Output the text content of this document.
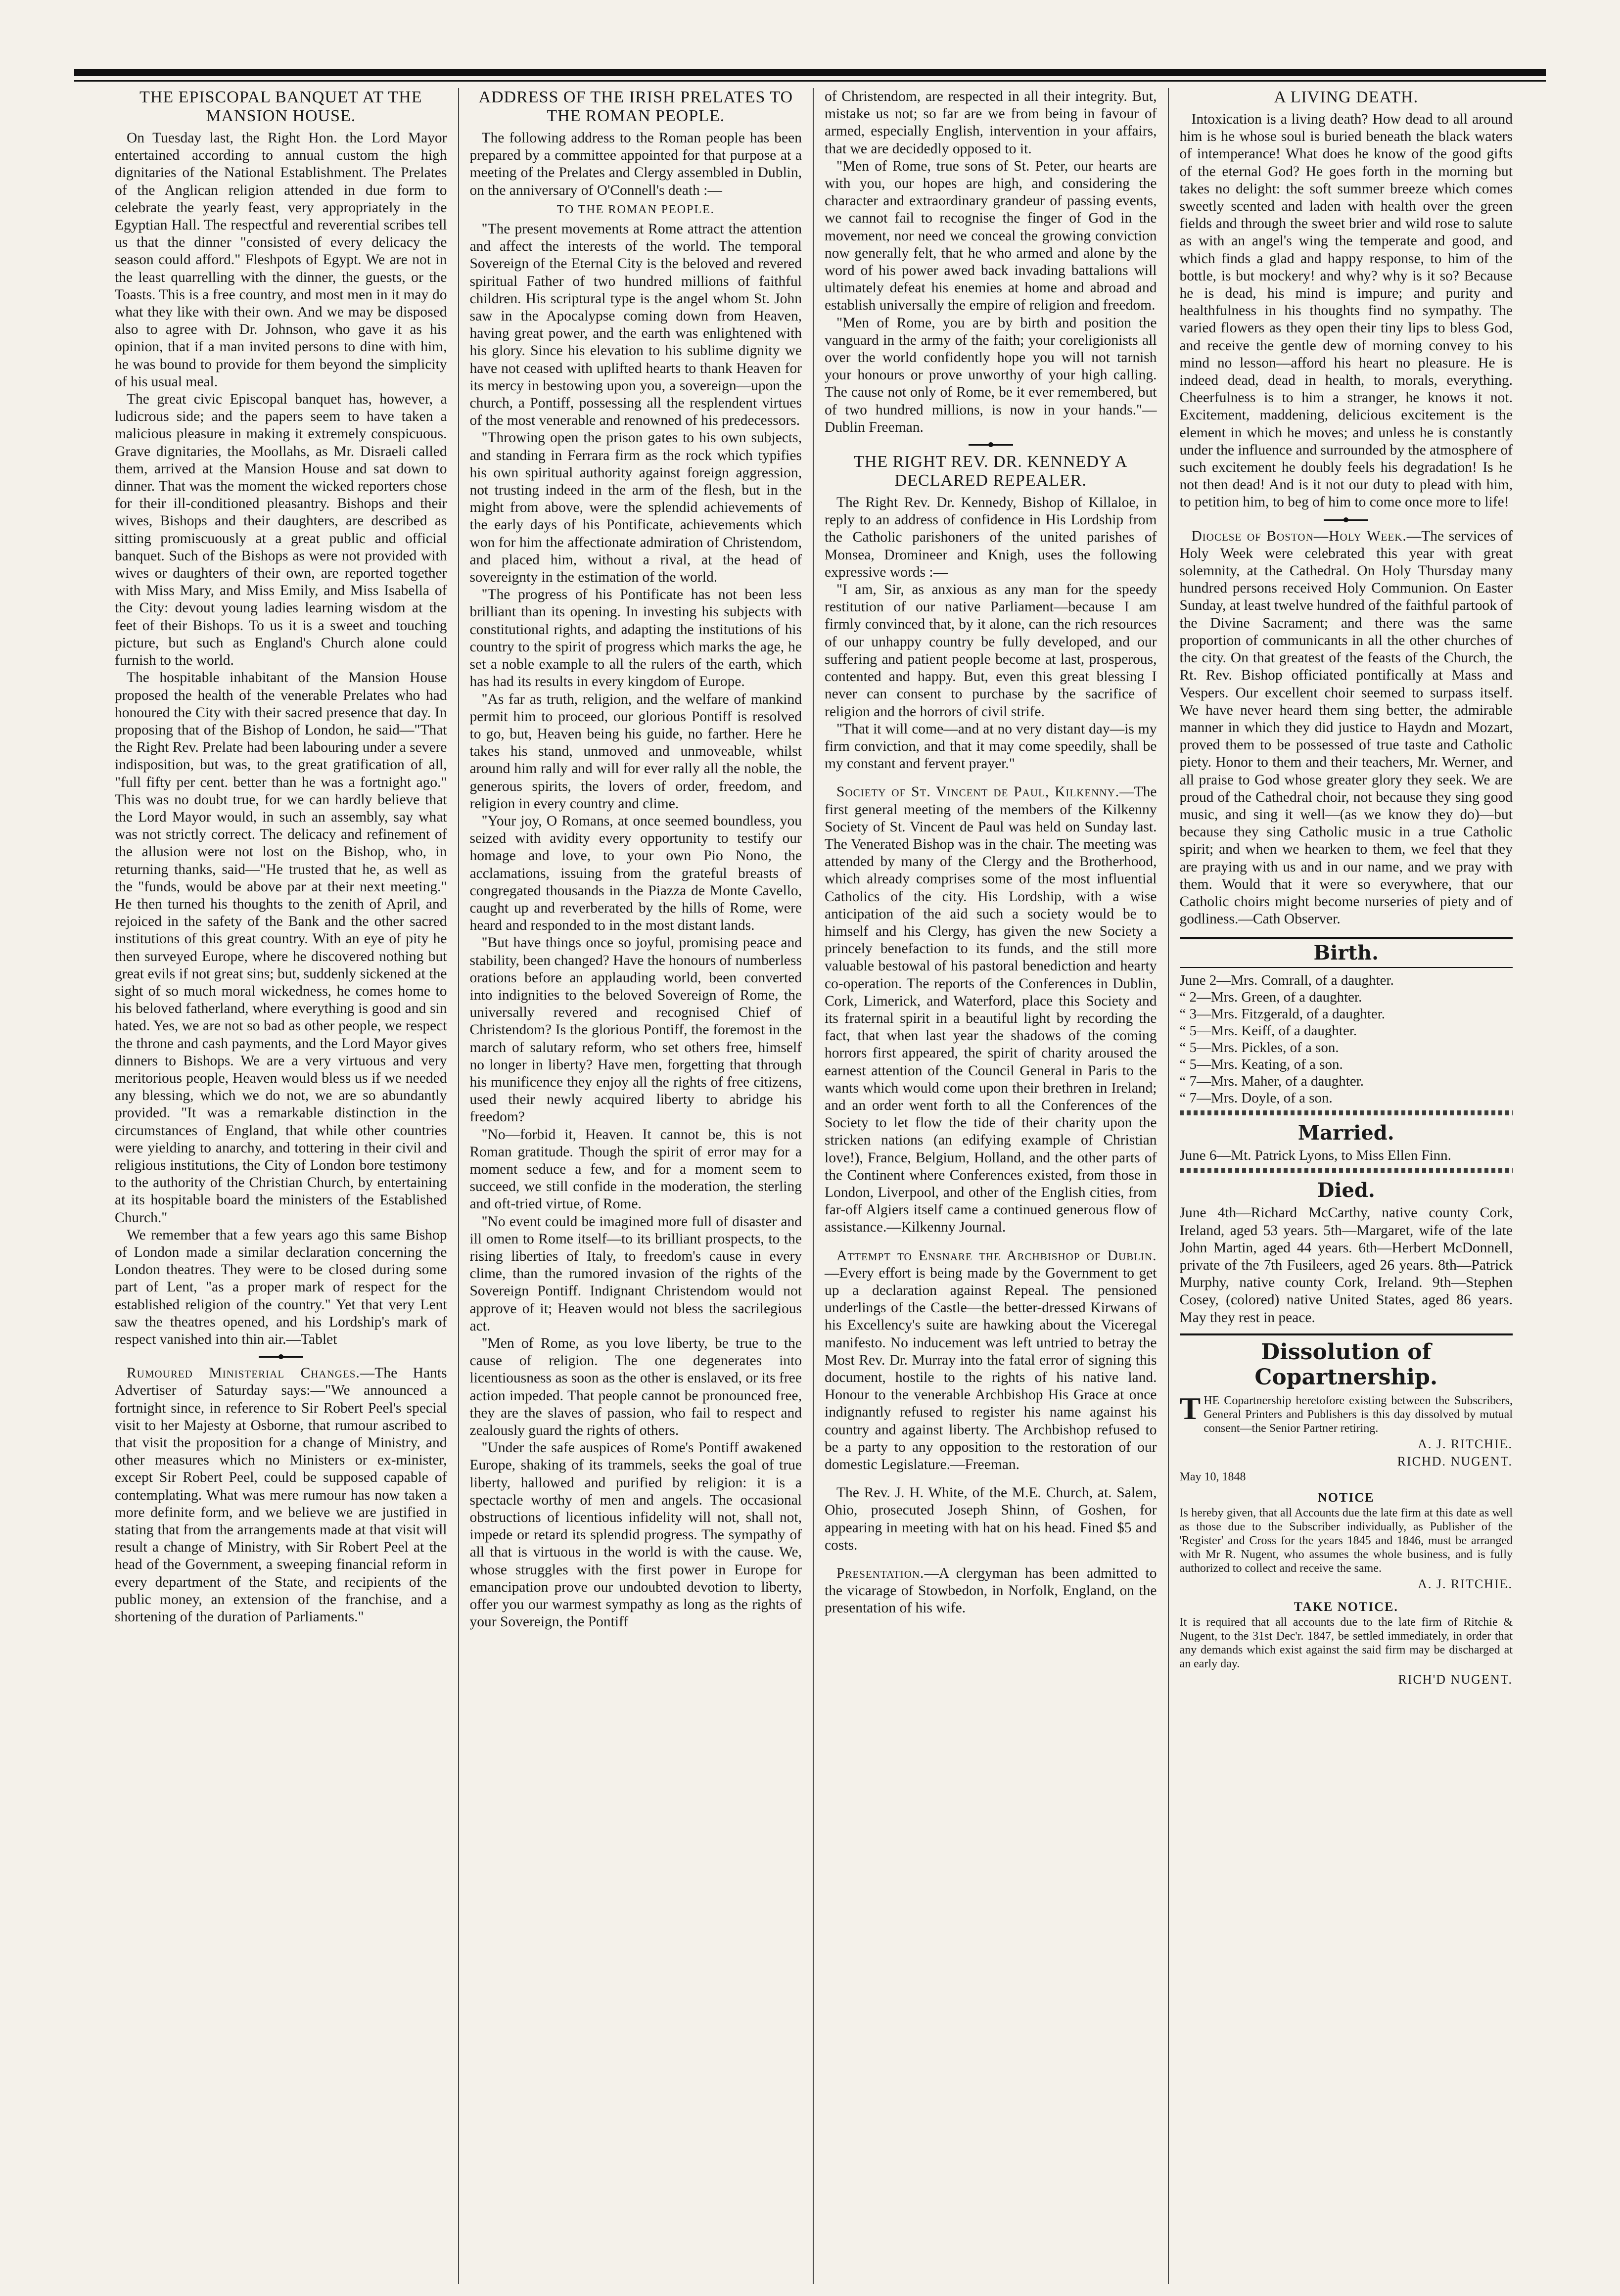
THE EPISCOPAL BANQUET AT THE MANSION HOUSE.

On Tuesday last, the Right Hon. the Lord Mayor entertained according to annual custom the high dignitaries of the National Establishment. The Prelates of the Anglican religion attended in due form to celebrate the yearly feast, very appropriately in the Egyptian Hall. The respectful and reverential scribes tell us that the dinner "consisted of every delicacy the season could afford." Fleshpots of Egypt. We are not in the least quarrelling with the dinner, the guests, or the Toasts. This is a free country, and most men in it may do what they like with their own. And we may be disposed also to agree with Dr. Johnson, who gave it as his opinion, that if a man invited persons to dine with him, he was bound to provide for them beyond the simplicity of his usual meal.

The great civic Episcopal banquet has, however, a ludicrous side; and the papers seem to have taken a malicious pleasure in making it extremely conspicuous. Grave dignitaries, the Moollahs, as Mr. Disraeli called them, arrived at the Mansion House and sat down to dinner. That was the moment the wicked reporters chose for their ill-conditioned pleasantry. Bishops and their wives, Bishops and their daughters, are described as sitting promiscuously at a great public and official banquet. Such of the Bishops as were not provided with wives or daughters of their own, are reported together with Miss Mary, and Miss Emily, and Miss Isabella of the City: devout young ladies learning wisdom at the feet of their Bishops. To us it is a sweet and touching picture, but such as England's Church alone could furnish to the world.

The hospitable inhabitant of the Mansion House proposed the health of the venerable Prelates who had honoured the City with their sacred presence that day. In proposing that of the Bishop of London, he said—"That the Right Rev. Prelate had been labouring under a severe indisposition, but was, to the great gratification of all, "full fifty per cent. better than he was a fortnight ago." This was no doubt true, for we can hardly believe that the Lord Mayor would, in such an assembly, say what was not strictly correct. The delicacy and refinement of the allusion were not lost on the Bishop, who, in returning thanks, said—"He trusted that he, as well as the "funds, would be above par at their next meeting." He then turned his thoughts to the zenith of April, and rejoiced in the safety of the Bank and the other sacred institutions of this great country. With an eye of pity he then surveyed Europe, where he discovered nothing but great evils if not great sins; but, suddenly sickened at the sight of so much moral wickedness, he comes home to his beloved fatherland, where everything is good and sin hated. Yes, we are not so bad as other people, we respect the throne and cash payments, and the Lord Mayor gives dinners to Bishops. We are a very virtuous and very meritorious people, Heaven would bless us if we needed any blessing, which we do not, we are so abundantly provided. "It was a remarkable distinction in the circumstances of England, that while other countries were yielding to anarchy, and tottering in their civil and religious institutions, the City of London bore testimony to the authority of the Christian Church, by entertaining at its hospitable board the ministers of the Established Church."

We remember that a few years ago this same Bishop of London made a similar declaration concerning the London theatres. They were to be closed during some part of Lent, "as a proper mark of respect for the established religion of the country." Yet that very Lent saw the theatres opened, and his Lordship's mark of respect vanished into thin air.—Tablet

Rumoured Ministerial Changes.—The Hants Advertiser of Saturday says:—"We announced a fortnight since, in reference to Sir Robert Peel's special visit to her Majesty at Osborne, that rumour ascribed to that visit the proposition for a change of Ministry, and other measures which no Ministers or ex-minister, except Sir Robert Peel, could be supposed capable of contemplating. What was mere rumour has now taken a more definite form, and we believe we are justified in stating that from the arrangements made at that visit will result a change of Ministry, with Sir Robert Peel at the head of the Government, a sweeping financial reform in every department of the State, and recipients of the public money, an extension of the franchise, and a shortening of the duration of Parliaments."

ADDRESS OF THE IRISH PRELATES TO THE ROMAN PEOPLE.

The following address to the Roman people has been prepared by a committee appointed for that purpose at a meeting of the Prelates and Clergy assembled in Dublin, on the anniversary of O'Connell's death :—

TO THE ROMAN PEOPLE.

"The present movements at Rome attract the attention and affect the interests of the world. The temporal Sovereign of the Eternal City is the beloved and revered spiritual Father of two hundred millions of faithful children. His scriptural type is the angel whom St. John saw in the Apocalypse coming down from Heaven, having great power, and the earth was enlightened with his glory. Since his elevation to his sublime dignity we have not ceased with uplifted hearts to thank Heaven for its mercy in bestowing upon you, a sovereign—upon the church, a Pontiff, possessing all the resplendent virtues of the most venerable and renowned of his predecessors.

"Throwing open the prison gates to his own subjects, and standing in Ferrara firm as the rock which typifies his own spiritual authority against foreign aggression, not trusting indeed in the arm of the flesh, but in the might from above, were the splendid achievements of the early days of his Pontificate, achievements which won for him the affectionate admiration of Christendom, and placed him, without a rival, at the head of sovereignty in the estimation of the world.

"The progress of his Pontificate has not been less brilliant than its opening. In investing his subjects with constitutional rights, and adapting the institutions of his country to the spirit of progress which marks the age, he set a noble example to all the rulers of the earth, which has had its results in every kingdom of Europe.

"As far as truth, religion, and the welfare of mankind permit him to proceed, our glorious Pontiff is resolved to go, but, Heaven being his guide, no farther. Here he takes his stand, unmoved and unmoveable, whilst around him rally and will for ever rally all the noble, the generous spirits, the lovers of order, freedom, and religion in every country and clime.

"Your joy, O Romans, at once seemed boundless, you seized with avidity every opportunity to testify our homage and love, to your own Pio Nono, the acclamations, issuing from the grateful breasts of congregated thousands in the Piazza de Monte Cavello, caught up and reverberated by the hills of Rome, were heard and responded to in the most distant lands.

"But have things once so joyful, promising peace and stability, been changed? Have the honours of numberless orations before an applauding world, been converted into indignities to the beloved Sovereign of Rome, the universally revered and recognised Chief of Christendom? Is the glorious Pontiff, the foremost in the march of salutary reform, who set others free, himself no longer in liberty? Have men, forgetting that through his munificence they enjoy all the rights of free citizens, used their newly acquired liberty to abridge his freedom?

"No—forbid it, Heaven. It cannot be, this is not Roman gratitude. Though the spirit of error may for a moment seduce a few, and for a moment seem to succeed, we still confide in the moderation, the sterling and oft-tried virtue, of Rome.

"No event could be imagined more full of disaster and ill omen to Rome itself—to its brilliant prospects, to the rising liberties of Italy, to freedom's cause in every clime, than the rumored invasion of the rights of the Sovereign Pontiff. Indignant Christendom would not approve of it; Heaven would not bless the sacrilegious act.

"Men of Rome, as you love liberty, be true to the cause of religion. The one degenerates into licentiousness as soon as the other is enslaved, or its free action impeded. That people cannot be pronounced free, they are the slaves of passion, who fail to respect and zealously guard the rights of others.

"Under the safe auspices of Rome's Pontiff awakened Europe, shaking of its trammels, seeks the goal of true liberty, hallowed and purified by religion: it is a spectacle worthy of men and angels. The occasional obstructions of licentious infidelity will not, shall not, impede or retard its splendid progress. The sympathy of all that is virtuous in the world is with the cause. We, whose struggles with the first power in Europe for emancipation prove our undoubted devotion to liberty, offer you our warmest sympathy as long as the rights of your Sovereign, the Pontiff

of Christendom, are respected in all their integrity. But, mistake us not; so far are we from being in favour of armed, especially English, intervention in your affairs, that we are decidedly opposed to it.

"Men of Rome, true sons of St. Peter, our hearts are with you, our hopes are high, and considering the character and extraordinary grandeur of passing events, we cannot fail to recognise the finger of God in the movement, nor need we conceal the growing conviction now generally felt, that he who armed and alone by the word of his power awed back invading battalions will ultimately defeat his enemies at home and abroad and establish universally the empire of religion and freedom.

"Men of Rome, you are by birth and position the vanguard in the army of the faith; your coreligionists all over the world confidently hope you will not tarnish your honours or prove unworthy of your high calling. The cause not only of Rome, be it ever remembered, but of two hundred millions, is now in your hands."—Dublin Freeman.

THE RIGHT REV. DR. KENNEDY A DECLARED REPEALER.

The Right Rev. Dr. Kennedy, Bishop of Killaloe, in reply to an address of confidence in His Lordship from the Catholic parishoners of the united parishes of Monsea, Dromineer and Knigh, uses the following expressive words :—

"I am, Sir, as anxious as any man for the speedy restitution of our native Parliament—because I am firmly convinced that, by it alone, can the rich resources of our unhappy country be fully developed, and our suffering and patient people become at last, prosperous, contented and happy. But, even this great blessing I never can consent to purchase by the sacrifice of religion and the horrors of civil strife.

"That it will come—and at no very distant day—is my firm conviction, and that it may come speedily, shall be my constant and fervent prayer."

Society of St. Vincent de Paul, Kilkenny.—The first general meeting of the members of the Kilkenny Society of St. Vincent de Paul was held on Sunday last. The Venerated Bishop was in the chair. The meeting was attended by many of the Clergy and the Brotherhood, which already comprises some of the most influential Catholics of the city. His Lordship, with a wise anticipation of the aid such a society would be to himself and his Clergy, has given the new Society a princely benefaction to its funds, and the still more valuable bestowal of his pastoral benediction and hearty co-operation. The reports of the Conferences in Dublin, Cork, Limerick, and Waterford, place this Society and its fraternal spirit in a beautiful light by recording the fact, that when last year the shadows of the coming horrors first appeared, the spirit of charity aroused the earnest attention of the Council General in Paris to the wants which would come upon their brethren in Ireland; and an order went forth to all the Conferences of the Society to let flow the tide of their charity upon the stricken nations (an edifying example of Christian love!), France, Belgium, Holland, and the other parts of the Continent where Conferences existed, from those in London, Liverpool, and other of the English cities, from far-off Algiers itself came a continued generous flow of assistance.—Kilkenny Journal.

Attempt to Ensnare the Archbishop of Dublin.—Every effort is being made by the Government to get up a declaration against Repeal. The pensioned underlings of the Castle—the better-dressed Kirwans of his Excellency's suite are hawking about the Viceregal manifesto. No inducement was left untried to betray the Most Rev. Dr. Murray into the fatal error of signing this document, hostile to the rights of his native land. Honour to the venerable Archbishop His Grace at once indignantly refused to register his name against his country and against liberty. The Archbishop refused to be a party to any opposition to the restoration of our domestic Legislature.—Freeman.

The Rev. J. H. White, of the M.E. Church, at. Salem, Ohio, prosecuted Joseph Shinn, of Goshen, for appearing in meeting with hat on his head. Fined $5 and costs.

Presentation.—A clergyman has been admitted to the vicarage of Stowbedon, in Norfolk, England, on the presentation of his wife.

A LIVING DEATH.

Intoxication is a living death? How dead to all around him is he whose soul is buried beneath the black waters of intemperance! What does he know of the good gifts of the eternal God? He goes forth in the morning but takes no delight: the soft summer breeze which comes sweetly scented and laden with health over the green fields and through the sweet brier and wild rose to salute as with an angel's wing the temperate and good, and which finds a glad and happy response, to him of the bottle, is but mockery! and why? why is it so? Because he is dead, his mind is impure; and purity and healthfulness in his thoughts find no sympathy. The varied flowers as they open their tiny lips to bless God, and receive the gentle dew of morning convey to his mind no lesson—afford his heart no pleasure. He is indeed dead, dead in health, to morals, everything. Cheerfulness is to him a stranger, he knows it not. Excitement, maddening, delicious excitement is the element in which he moves; and unless he is constantly under the influence and surrounded by the atmosphere of such excitement he doubly feels his degradation! Is he not then dead! And is it not our duty to plead with him, to petition him, to beg of him to come once more to life!

Diocese of Boston—Holy Week.—The services of Holy Week were celebrated this year with great solemnity, at the Cathedral. On Holy Thursday many hundred persons received Holy Communion. On Easter Sunday, at least twelve hundred of the faithful partook of the Divine Sacrament; and there was the same proportion of communicants in all the other churches of the city. On that greatest of the feasts of the Church, the Rt. Rev. Bishop officiated pontifically at Mass and Vespers. Our excellent choir seemed to surpass itself. We have never heard them sing better, the admirable manner in which they did justice to Haydn and Mozart, proved them to be possessed of true taste and Catholic piety. Honor to them and their teachers, Mr. Werner, and all praise to God whose greater glory they seek. We are proud of the Cathedral choir, not because they sing good music, and sing it well—(as we know they do)—but because they sing Catholic music in a true Catholic spirit; and when we hearken to them, we feel that they are praying with us and in our name, and we pray with them. Would that it were so everywhere, that our Catholic choirs might become nurseries of piety and of godliness.—Cath Observer.

Birth.

June 2—Mrs. Comrall, of a daughter.

“ 2—Mrs. Green, of a daughter.

“ 3—Mrs. Fitzgerald, of a daughter.

“ 5—Mrs. Keiff, of a daughter.

“ 5—Mrs. Pickles, of a son.

“ 5—Mrs. Keating, of a son.

“ 7—Mrs. Maher, of a daughter.

“ 7—Mrs. Doyle, of a son.

Married.

June 6—Mt. Patrick Lyons, to Miss Ellen Finn.

Died.

June 4th—Richard McCarthy, native county Cork, Ireland, aged 53 years. 5th—Margaret, wife of the late John Martin, aged 44 years. 6th—Herbert McDonnell, private of the 7th Fusileers, aged 26 years. 8th—Patrick Murphy, native county Cork, Ireland. 9th—Stephen Cosey, (colored) native United States, aged 86 years. May they rest in peace.

Dissolution of Copartnership.

THE Copartnership heretofore existing between the Subscribers, General Printers and Publishers is this day dissolved by mutual consent—the Senior Partner retiring.

A. J. RITCHIE.

RICHD. NUGENT.

May 10, 1848

NOTICE

Is hereby given, that all Accounts due the late firm at this date as well as those due to the Subscriber individually, as Publisher of the 'Register' and Cross for the years 1845 and 1846, must be arranged with Mr R. Nugent, who assumes the whole business, and is fully authorized to collect and receive the same.

A. J. RITCHIE.

TAKE NOTICE.

It is required that all accounts due to the late firm of Ritchie & Nugent, to the 31st Dec'r. 1847, be settled immediately, in order that any demands which exist against the said firm may be discharged at an early day.

RICH'D NUGENT.
